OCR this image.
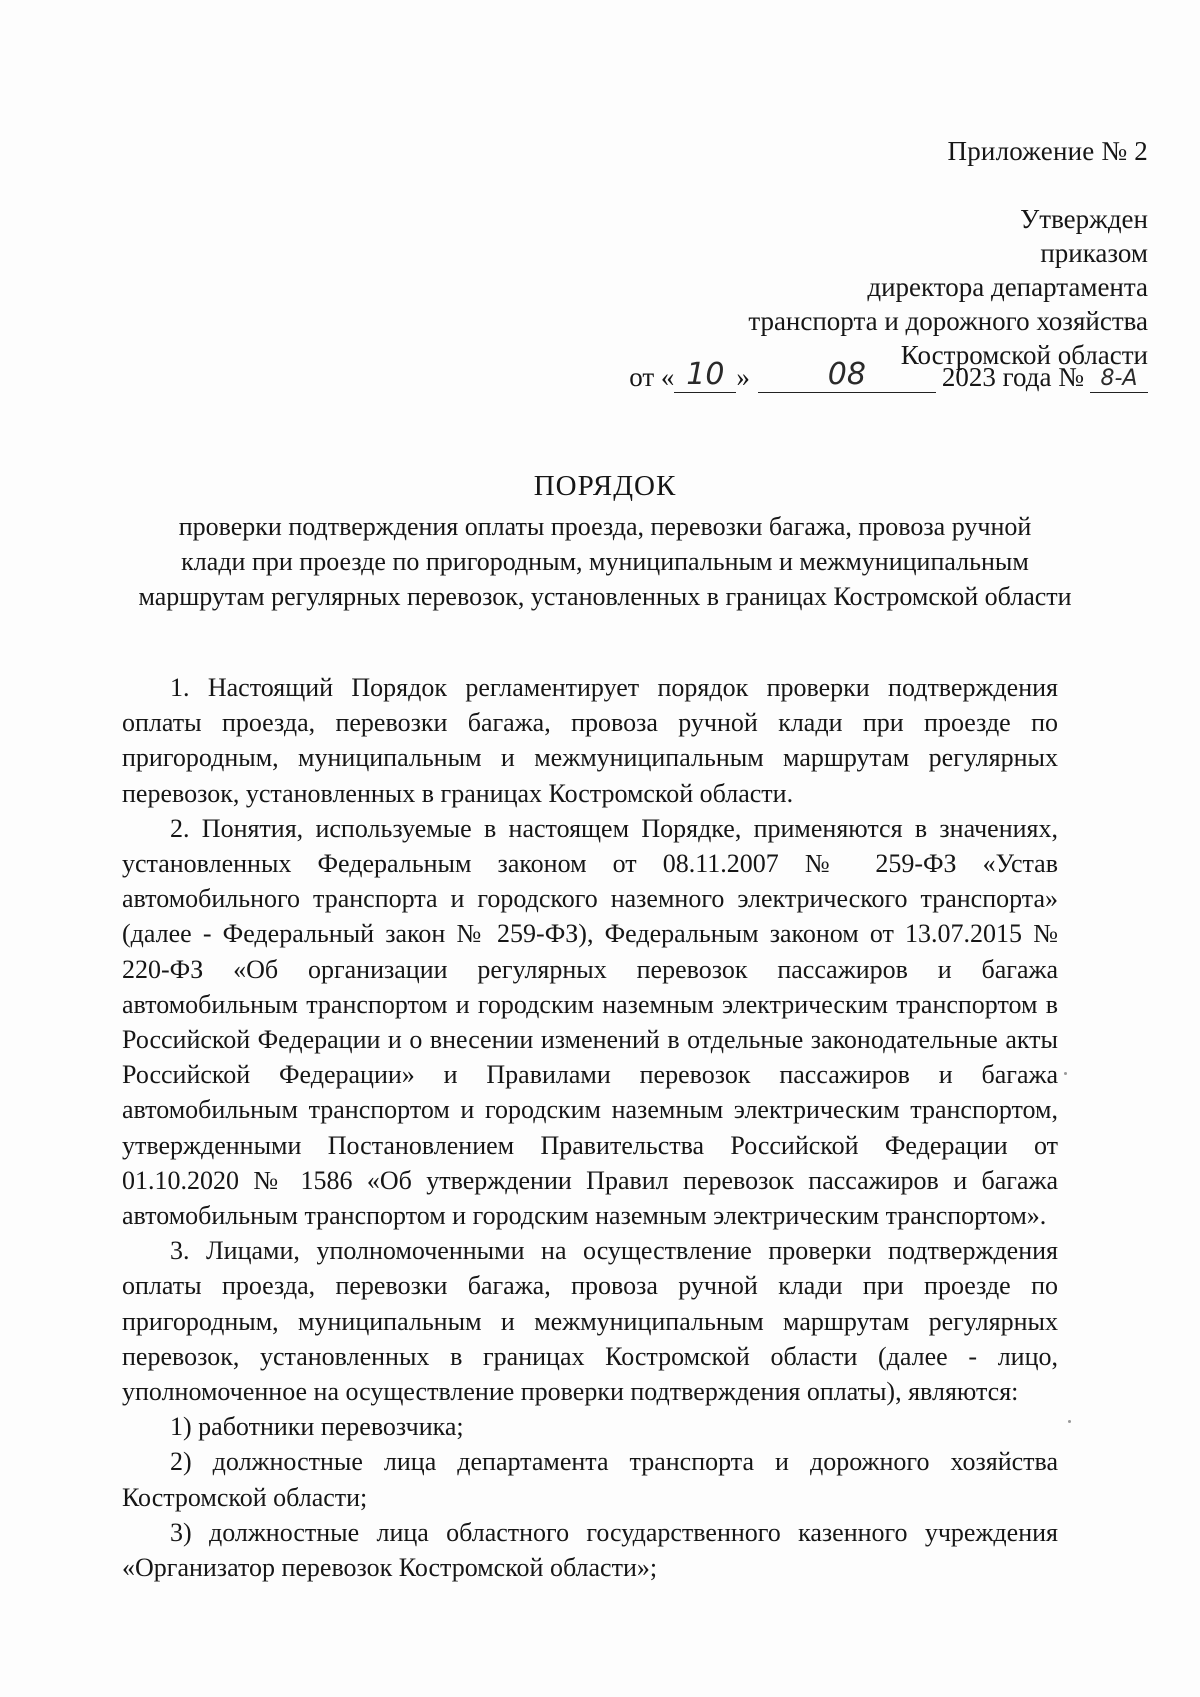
Приложение № 2
Утвержден
приказом
директора департамента
транспорта и дорожного хозяйства
Костромской области
от « 10 »	08	2023 года № 8-А
ПОРЯДОК
проверки подтверждения оплаты проезда, перевозки багажа, провоза ручной
клади при проезде по пригородным, муниципальным и межмуниципальным
маршрутам регулярных перевозок, установленных в границах Костромской области

1. Настоящий Порядок регламентирует порядок проверки подтверждения оплаты проезда, перевозки багажа, провоза ручной клади при проезде по пригородным, муниципальным и межмуниципальным маршрутам регулярных перевозок, установленных в границах Костромской области.

2. Понятия, используемые в настоящем Порядке, применяются в значениях, установленных Федеральным законом от 08.11.2007 № 259-ФЗ «Устав автомобильного транспорта и городского наземного электрического транспорта» (далее - Федеральный закон № 259-ФЗ), Федеральным законом от 13.07.2015 № 220-ФЗ «Об организации регулярных перевозок пассажиров и багажа автомобильным транспортом и городским наземным электрическим транспортом в Российской Федерации и о внесении изменений в отдельные законодательные акты Российской Федерации» и Правилами перевозок пассажиров и багажа автомобильным транспортом и городским наземным электрическим транспортом, утвержденными Постановлением Правительства Российской Федерации от 01.10.2020 № 1586 «Об утверждении Правил перевозок пассажиров и багажа автомобильным транспортом и городским наземным электрическим транспортом».

3. Лицами, уполномоченными на осуществление проверки подтверждения оплаты проезда, перевозки багажа, провоза ручной клади при проезде по пригородным, муниципальным и межмуниципальным маршрутам регулярных перевозок, установленных в границах Костромской области (далее - лицо, уполномоченное на осуществление проверки подтверждения оплаты), являются:

1) работники перевозчика;

2) должностные лица департамента транспорта и дорожного хозяйства Костромской области;

3) должностные лица областного государственного казенного учреждения «Организатор перевозок Костромской области»;
